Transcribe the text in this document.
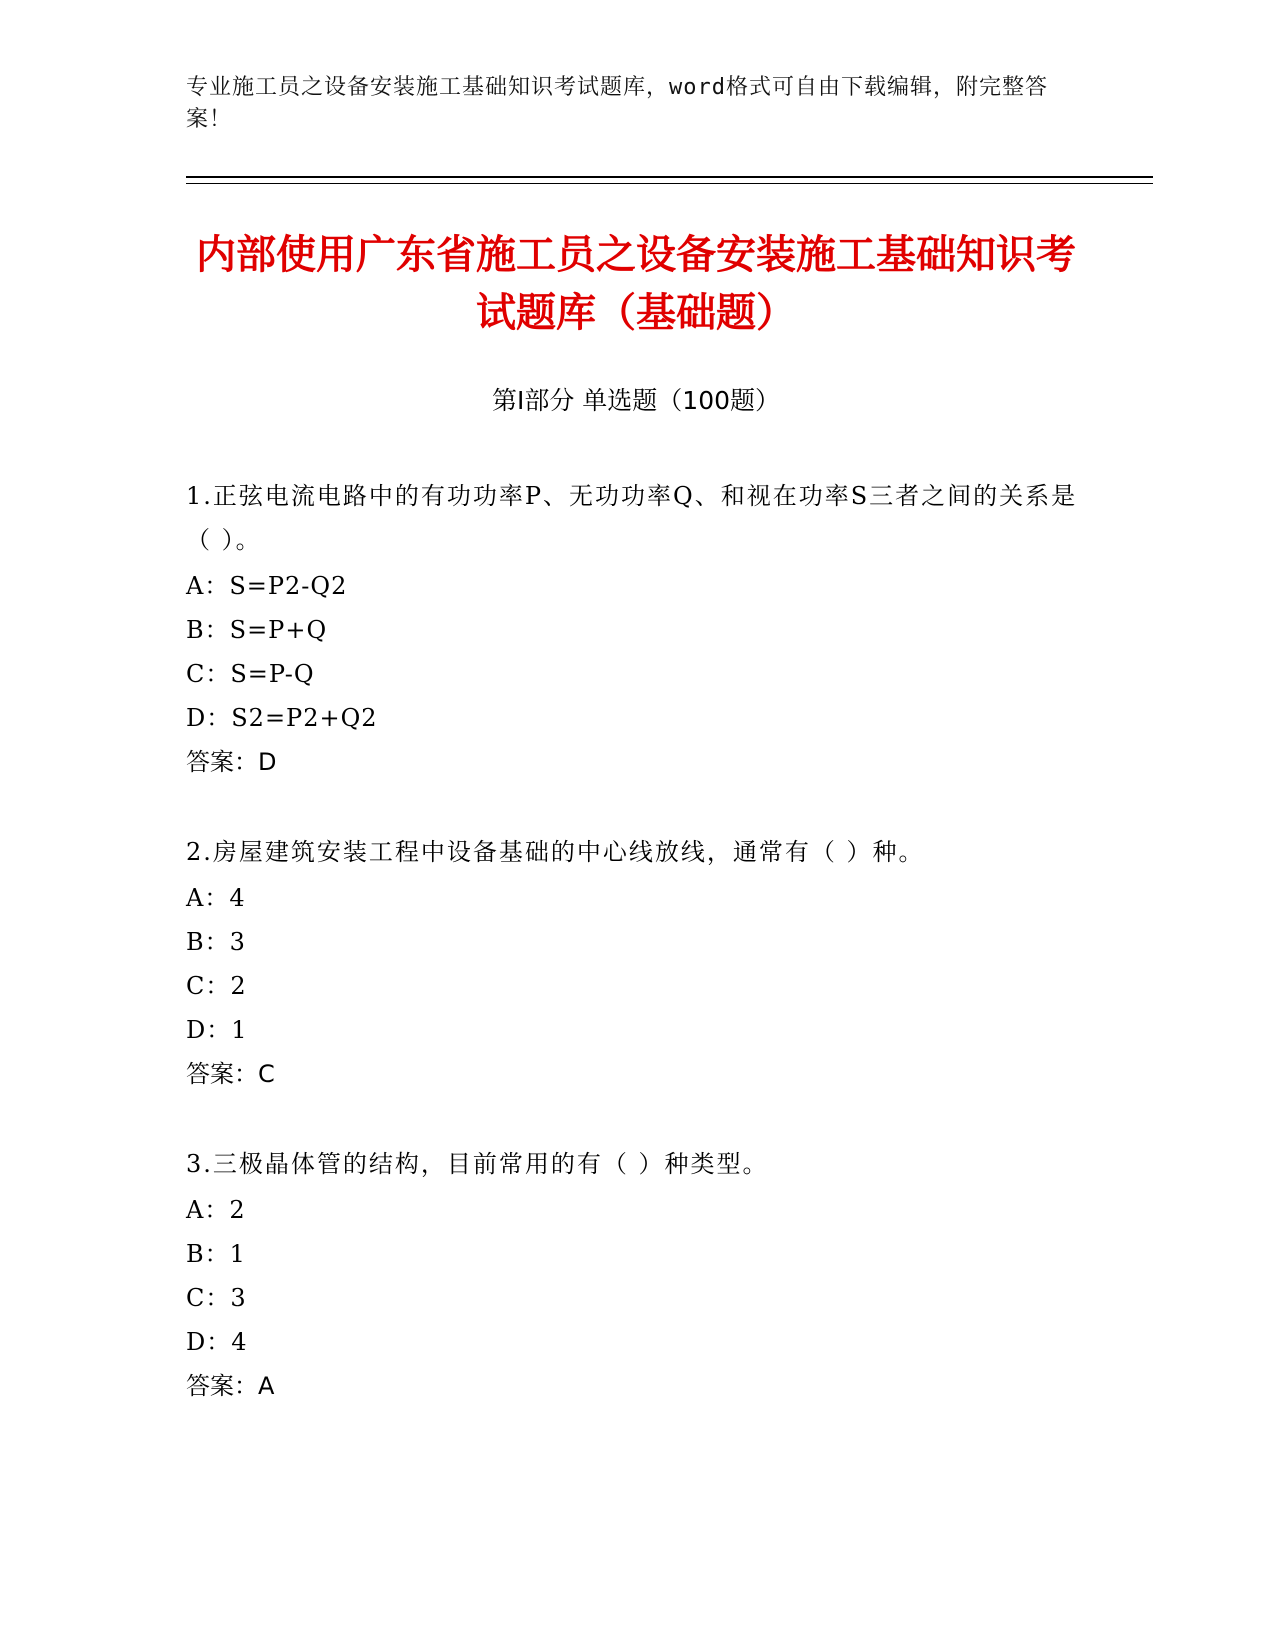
专业施工员之设备安装施工基础知识考试题库，word格式可自由下载编辑，附完整答案！
内部使用广东省施工员之设备安装施工基础知识考试题库（基础题）
第Ⅰ部分 单选题（100题）

1.正弦电流电路中的有功功率P、无功功率Q、和视在功率S三者之间的关系是（ ）。

A：S=P2-Q2

B：S=P+Q

C：S=P-Q

D：S2=P2+Q2

答案：D

2.房屋建筑安装工程中设备基础的中心线放线，通常有（ ）种。

A：4

B：3

C：2

D：1

答案：C

3.三极晶体管的结构，目前常用的有（ ）种类型。

A：2

B：1

C：3

D：4

答案：A
